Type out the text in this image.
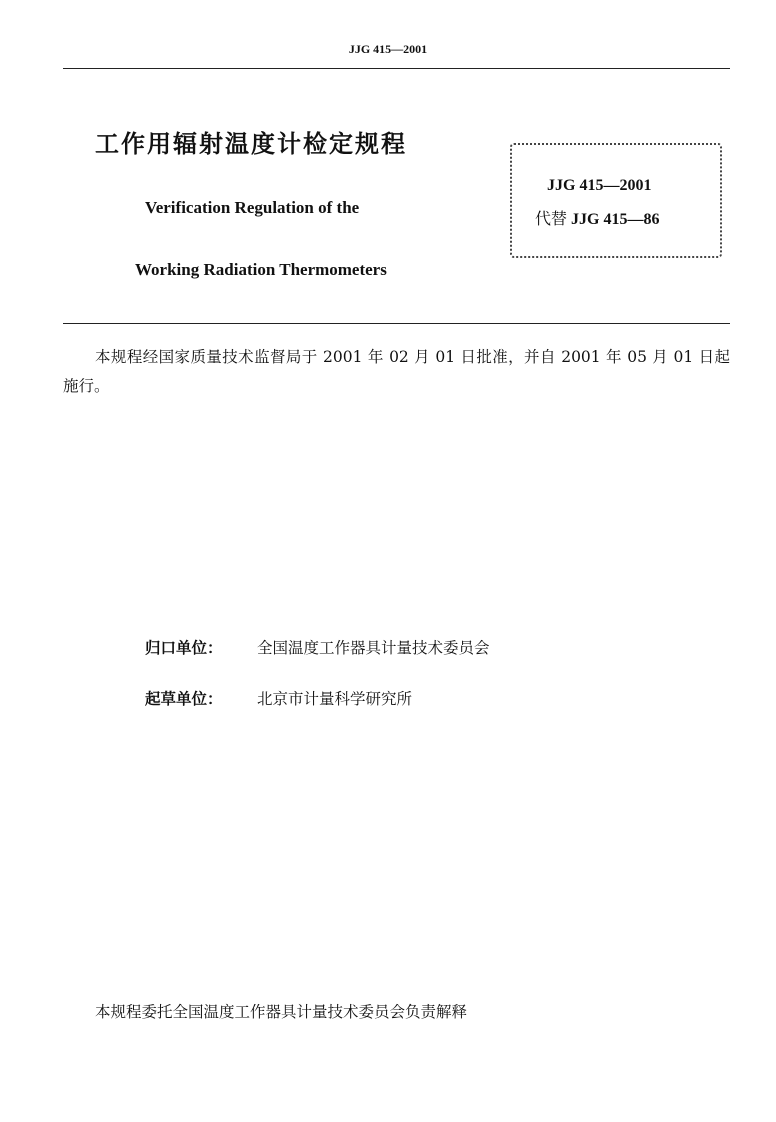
JJG 415—2001
工作用辐射温度计检定规程
Verification Regulation of the
Working Radiation Thermometers
JJG 415—2001
代替 JJG 415—86
本规程经国家质量技术监督局于 2001 年 02 月 01 日批准，并自 2001 年 05 月 01 日起施行。
归口单位： 全国温度工作器具计量技术委员会
起草单位： 北京市计量科学研究所
本规程委托全国温度工作器具计量技术委员会负责解释
